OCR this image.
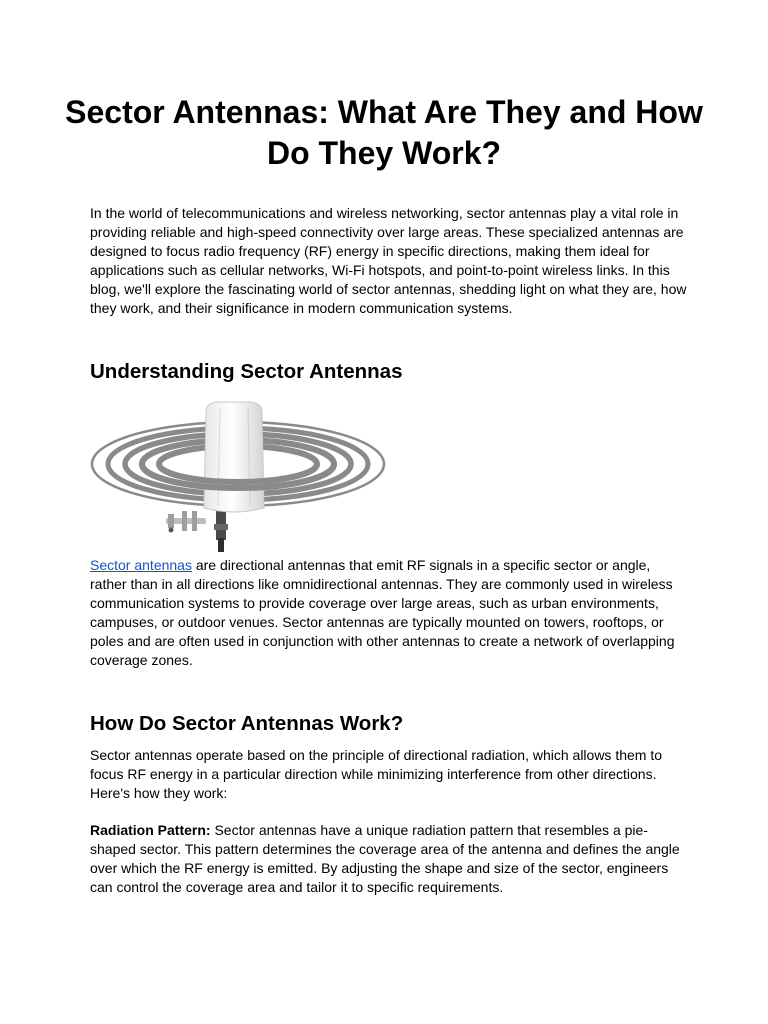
Sector Antennas: What Are They and How Do They Work?

In the world of telecommunications and wireless networking, sector antennas play a vital role in providing reliable and high-speed connectivity over large areas. These specialized antennas are designed to focus radio frequency (RF) energy in specific directions, making them ideal for applications such as cellular networks, Wi-Fi hotspots, and point-to-point wireless links. In this blog, we'll explore the fascinating world of sector antennas, shedding light on what they are, how they work, and their significance in modern communication systems.

Understanding Sector Antennas

Sector antennas are directional antennas that emit RF signals in a specific sector or angle, rather than in all directions like omnidirectional antennas. They are commonly used in wireless communication systems to provide coverage over large areas, such as urban environments, campuses, or outdoor venues. Sector antennas are typically mounted on towers, rooftops, or poles and are often used in conjunction with other antennas to create a network of overlapping coverage zones.

How Do Sector Antennas Work?

Sector antennas operate based on the principle of directional radiation, which allows them to focus RF energy in a particular direction while minimizing interference from other directions. Here's how they work:

Radiation Pattern: Sector antennas have a unique radiation pattern that resembles a pie-shaped sector. This pattern determines the coverage area of the antenna and defines the angle over which the RF energy is emitted. By adjusting the shape and size of the sector, engineers can control the coverage area and tailor it to specific requirements.
